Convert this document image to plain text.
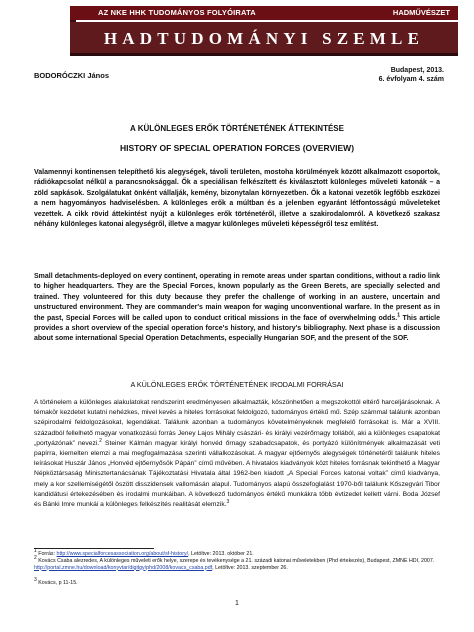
AZ NKE HHK TUDOMÁNYOS FOLYÓIRATA	HADMŰVÉSZET
HADTUDOMÁNYI SZEMLE
BODORÓCZKI János
Budapest, 2013.
6. évfolyam 4. szám
A KÜLÖNLEGES ERŐK TÖRTÉNETÉNEK ÁTTEKINTÉSE
HISTORY OF SPECIAL OPERATION FORCES (OVERVIEW)
Valamennyi kontinensen telepíthető kis alegységek, távoli területen, mostoha körülmények között alkalmazott csoportok, rádiókapcsolat nélkül a parancsnoksággal. Ők a speciálisan felkészített és kiválasztott különleges műveleti katonák – a zöld sapkások. Szolgálatukat önként vállalják, kemény, bizonytalan környezetben. Ők a katonai vezetők legfőbb eszközei a nem hagyományos hadviselésben. A különleges erők a múltban és a jelenben egyaránt létfontosságú műveleteket vezettek. A cikk rövid áttekintést nyújt a különleges erők történetéről, illetve a szakirodalomról. A következő szakasz néhány különleges katonai alegységről, illetve a magyar különleges műveleti képességről tesz említést.
Small detachments-deployed on every continent, operating in remote areas under spartan conditions, without a radio link to higher headquarters. They are the Special Forces, known popularly as the Green Berets, are specially selected and trained. They volunteered for this duty because they prefer the challenge of working in an austere, uncertain and unstructured environment. They are commander's main weapon for waging unconventional warfare. In the present as in the past, Special Forces will be called upon to conduct critical missions in the face of overwhelming odds.$^1$ This article provides a short overview of the special operation force's history, and history's bibliography. Next phase is a discussion about some international Special Operation Detachments, especially Hungarian SOF, and the present of the SOF.
A KÜLÖNLEGES ERŐK TÖRTÉNETÉNEK IRODALMI FORRÁSAI
A történelem a különleges alakulatokat rendszerint eredményesen alkalmazták, köszönhetően a megszokottól eltérő harceljárásoknak. A témakör kezdetet kutatni nehézkes, mivel kevés a hiteles forrásokat feldolgozó, tudományos értékű mű. Szép számmal találunk azonban szépirodalmi feldolgozásokat, legendákat. Találunk azonban a tudományos követelményeknek megfelelő forrásokat is. Már a XVIII. századból fellelhető magyar vonatkozású forrás Jeney Lajos Mihály császári- és királyi vezérőrnagy tollából, aki a különleges csapatokat „portyázónak” nevezi.$^2$ Steiner Kálmán magyar királyi honvéd őrnagy szabadcsapatok, és portyázó különítmények alkalmazását veti papírra, kiemelten elemzi a mai megfogalmazása szerinti vállalkozásokat. A magyar ejtőernyős alegységek történetéről találunk hiteles leírásokat Huszár János „Honvéd ejtőernyősök Pápán” című művében. A hivatalos kiadványok közt hiteles forrásnak tekinthető a Magyar Népköztársaság Minisztertanácsának Tájékoztatási Hivatala által 1962-ben kiadott „A Special Forces katonai voltak” című kiadványa, mely a kor szellemiségétől öszött disszidensek vallomásán alapul. Tudományos alapú összefoglalást 1970-ből találunk Kőszegvári Tibor kandidátusi értekezésében és irodalmi munkáiban. A következő tudományos értékű munkákra több évtizedet kellett várni. Boda József és Bánki Imre munkái a különleges felkészítés realitását elemzik.$^3$
$^1$ Forrás: http://www.specialforcesassociation.org/about/sf-history/, Letöltve: 2013. október 21.
$^2$ Kovács Csaba alezredes, A különleges műveleti erők helye, szerepe és tevékenysége a 21. századi katonai műveletekben (Phd értekezés), Budapest, ZMNE HDI, 2007. http://portal.zmne.hu/download/konyvtar/digitgy/phd/2008/kovacs_csaba.pdf, Letöltve: 2013. szeptember 26.
$^3$ Kovács, p 11-15.
1
